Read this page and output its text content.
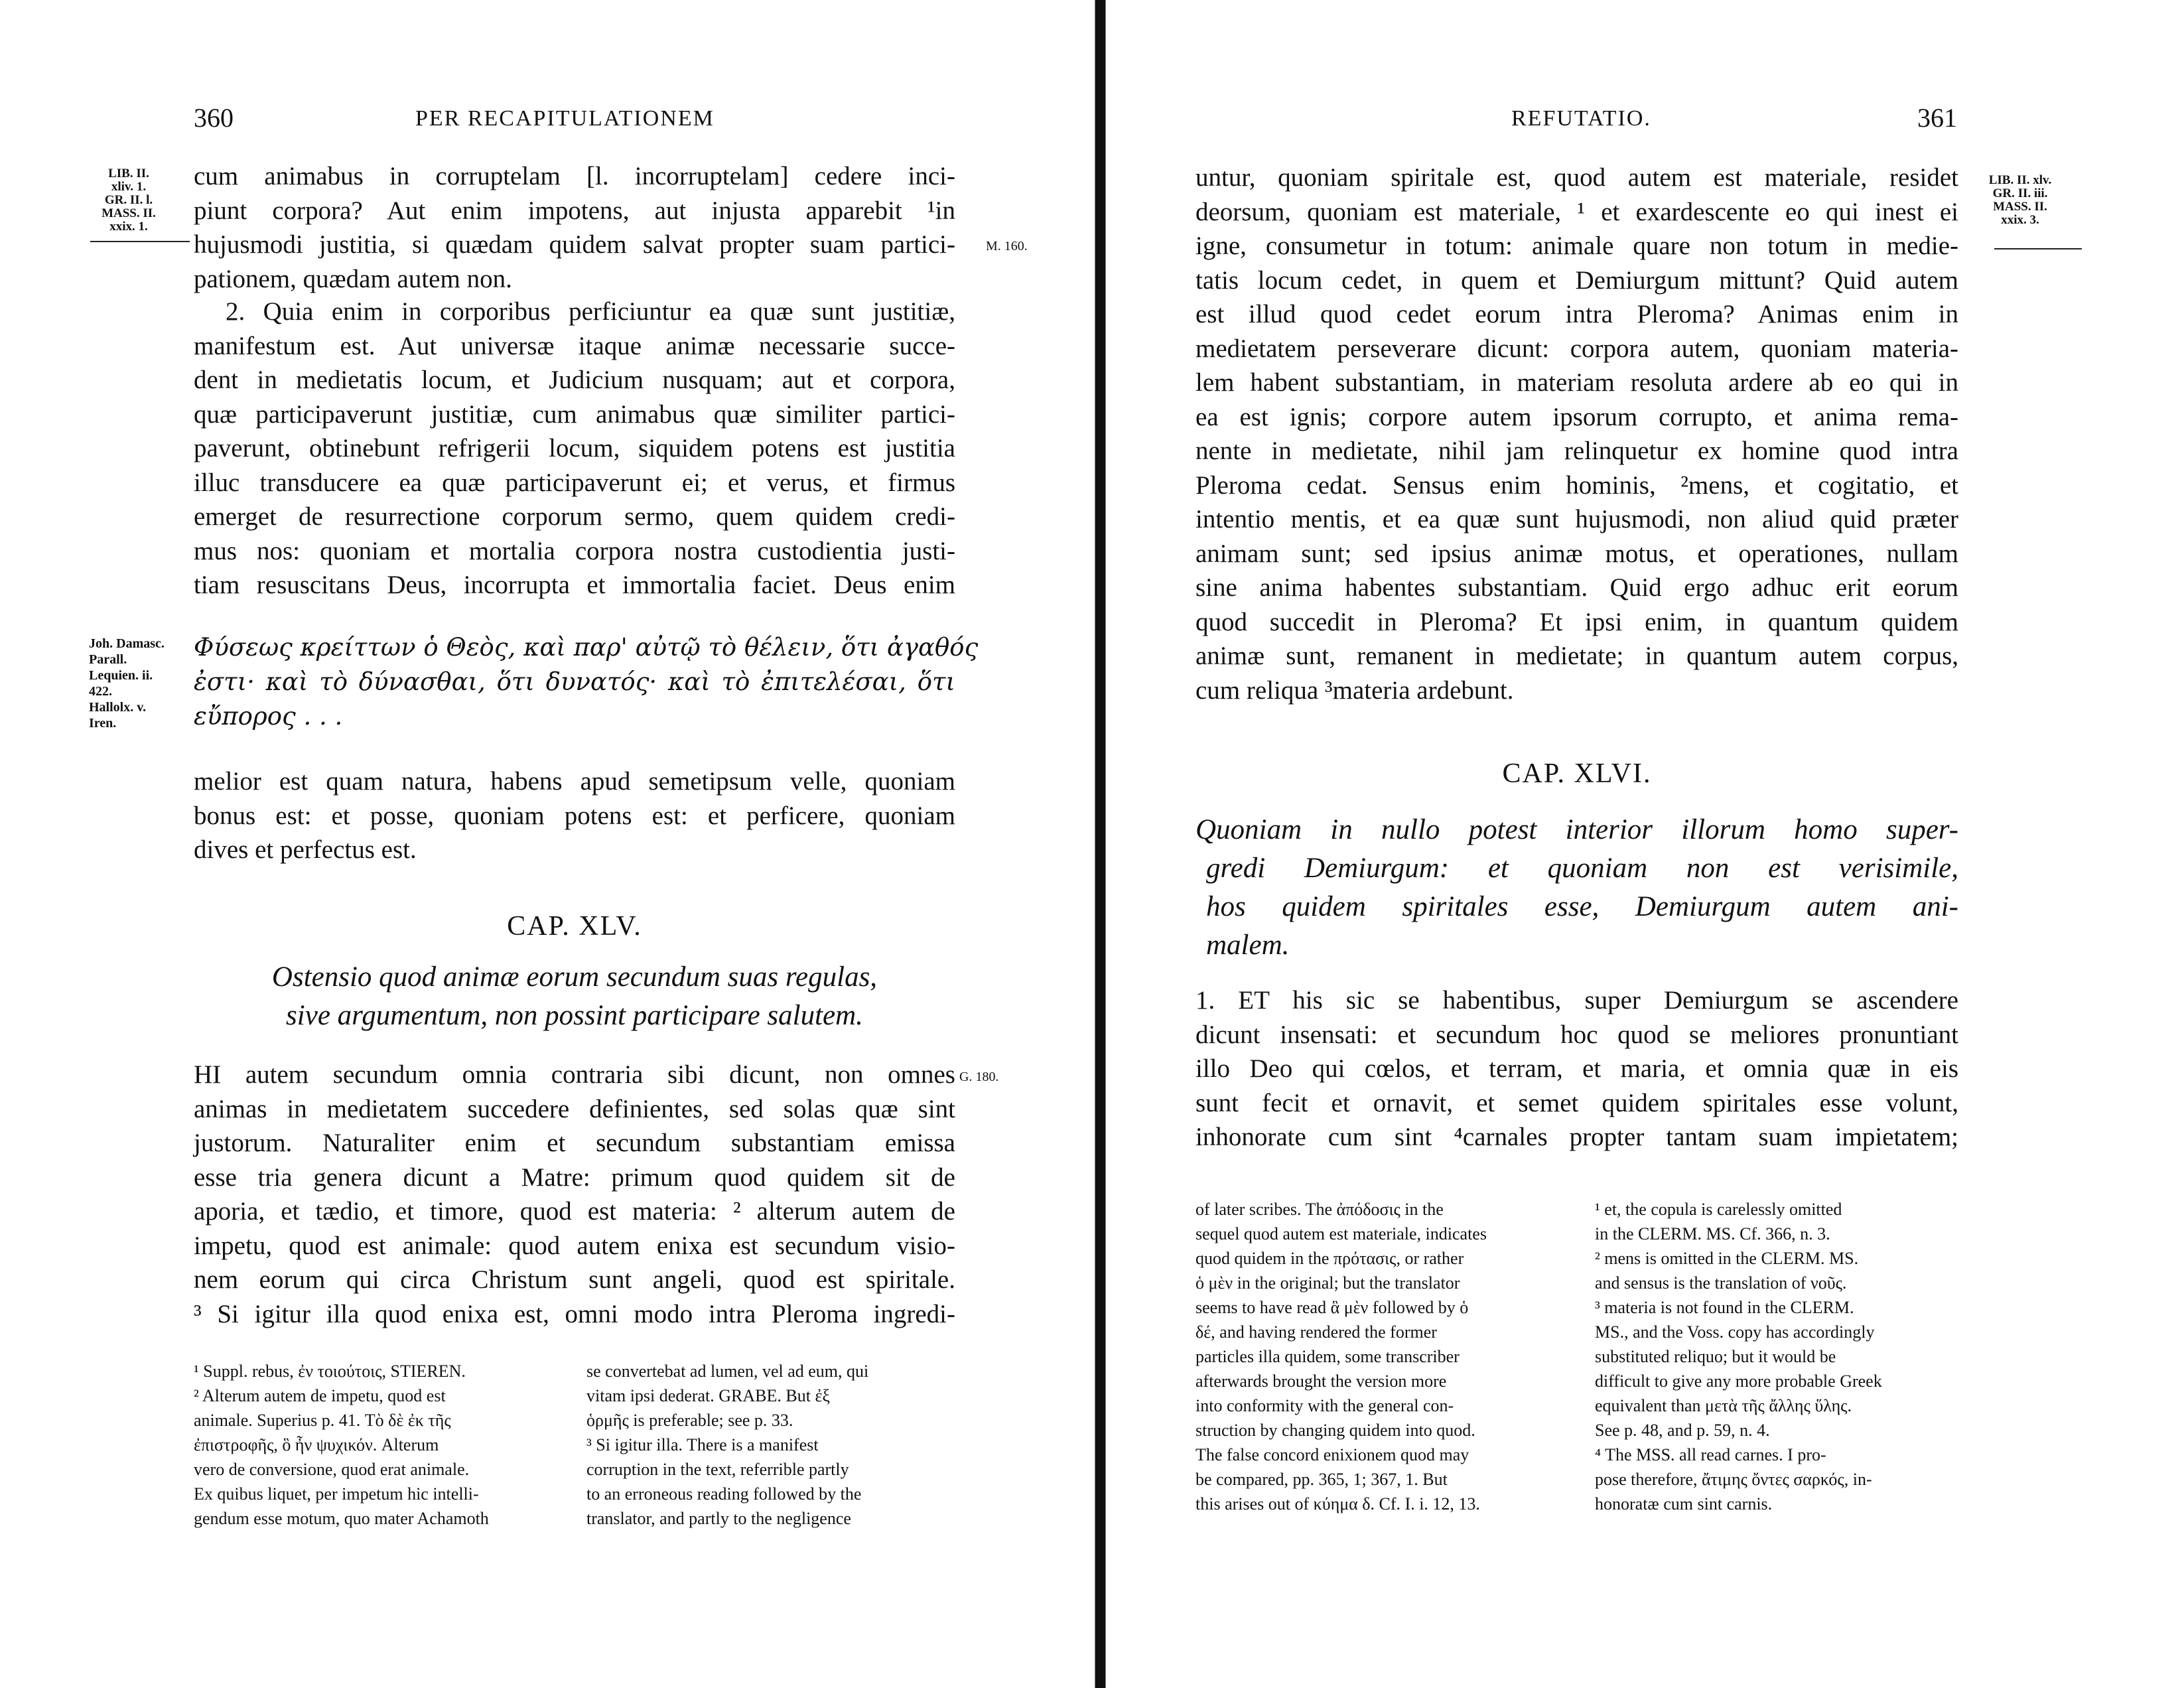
360	PER RECAPITULATIONEM
LIB. II.
xliv. 1.
GR. II. l.
MASS. II.
xxix. 1.
M. 160.
cum animabus in corruptelam [l. incorruptelam] cedere inci-
piunt corpora? Aut enim impotens, aut injusta apparebit ¹in
hujusmodi justitia, si quædam quidem salvat propter suam partici-
pationem, quædam autem non.
2. Quia enim in corporibus perficiuntur ea quæ sunt justitiæ,
manifestum est. Aut universæ itaque animæ necessarie succe-
dent in medietatis locum, et Judicium nusquam; aut et corpora,
quæ participaverunt justitiæ, cum animabus quæ similiter partici-
paverunt, obtinebunt refrigerii locum, siquidem potens est justitia
illuc transducere ea quæ participaverunt ei; et verus, et firmus
emerget de resurrectione corporum sermo, quem quidem credi-
mus nos: quoniam et mortalia corpora nostra custodientia justi-
tiam resuscitans Deus, incorrupta et immortalia faciet. Deus enim
Joh. Damasc.
Parall.
Lequien. ii.
422.
Hallolx. v.
Iren.
Φύσεως κρείττων ὁ Θεὸς, καὶ παρ' αὐτῷ τὸ θέλειν, ὅτι ἀγαθός
ἐστι· καὶ τὸ δύνασθαι, ὅτι δυνατός· καὶ τὸ ἐπιτελέσαι, ὅτι
εὔπορος . . .
melior est quam natura, habens apud semetipsum velle, quoniam
bonus est: et posse, quoniam potens est: et perficere, quoniam
dives et perfectus est.
CAP. XLV.
Ostensio quod animæ eorum secundum suas regulas,
sive argumentum, non possint participare salutem.
G. 180.
HI autem secundum omnia contraria sibi dicunt, non omnes
animas in medietatem succedere definientes, sed solas quæ sint
justorum. Naturaliter enim et secundum substantiam emissa
esse tria genera dicunt a Matre: primum quod quidem sit de
aporia, et tædio, et timore, quod est materia: ² alterum autem de
impetu, quod est animale: quod autem enixa est secundum visio-
nem eorum qui circa Christum sunt angeli, quod est spiritale.
³ Si igitur illa quod enixa est, omni modo intra Pleroma ingredi-
¹ Suppl. rebus, ἐν τοιούτοις, STIEREN.
² Alterum autem de impetu, quod est
animale. Superius p. 41. Τὸ δὲ ἐκ τῆς
ἐπιστροφῆς, ὃ ἦν ψυχικόν. Alterum
vero de conversione, quod erat animale.
Ex quibus liquet, per impetum hic intelli-
gendum esse motum, quo mater Achamoth
se convertebat ad lumen, vel ad eum, qui
vitam ipsi dederat. GRABE. But ἐξ
ὁρμῆς is preferable; see p. 33.
³ Si igitur illa. There is a manifest
corruption in the text, referrible partly
to an erroneous reading followed by the
translator, and partly to the negligence
REFUTATIO.	361
LIB. II. xlv.
GR. II. iii.
MASS. II.
xxix. 3.
untur, quoniam spiritale est, quod autem est materiale, residet
deorsum, quoniam est materiale, ¹ et exardescente eo qui inest ei
igne, consumetur in totum: animale quare non totum in medie-
tatis locum cedet, in quem et Demiurgum mittunt? Quid autem
est illud quod cedet eorum intra Pleroma? Animas enim in
medietatem perseverare dicunt: corpora autem, quoniam materia-
lem habent substantiam, in materiam resoluta ardere ab eo qui in
ea est ignis; corpore autem ipsorum corrupto, et anima rema-
nente in medietate, nihil jam relinquetur ex homine quod intra
Pleroma cedat. Sensus enim hominis, ²mens, et cogitatio, et
intentio mentis, et ea quæ sunt hujusmodi, non aliud quid præter
animam sunt; sed ipsius animæ motus, et operationes, nullam
sine anima habentes substantiam. Quid ergo adhuc erit eorum
quod succedit in Pleroma? Et ipsi enim, in quantum quidem
animæ sunt, remanent in medietate; in quantum autem corpus,
cum reliqua ³materia ardebunt.
CAP. XLVI.
Quoniam in nullo potest interior illorum homo super-
gredi Demiurgum: et quoniam non est verisimile,
hos quidem spiritales esse, Demiurgum autem ani-
malem.
1. ET his sic se habentibus, super Demiurgum se ascendere
dicunt insensati: et secundum hoc quod se meliores pronuntiant
illo Deo qui cœlos, et terram, et maria, et omnia quæ in eis
sunt fecit et ornavit, et semet quidem spiritales esse volunt,
inhonorate cum sint ⁴carnales propter tantam suam impietatem;
of later scribes. The ἀπόδοσις in the
sequel quod autem est materiale, indicates
quod quidem in the πρότασις, or rather
ὁ μὲν in the original; but the translator
seems to have read ἃ μὲν followed by ὁ
δέ, and having rendered the former
particles illa quidem, some transcriber
afterwards brought the version more
into conformity with the general con-
struction by changing quidem into quod.
The false concord enixionem quod may
be compared, pp. 365, 1; 367, 1. But
this arises out of κύημα δ. Cf. I. i. 12, 13.
¹ et, the copula is carelessly omitted
in the CLERM. MS. Cf. 366, n. 3.
² mens is omitted in the CLERM. MS.
and sensus is the translation of νοῦς.
³ materia is not found in the CLERM.
MS., and the Voss. copy has accordingly
substituted reliquo; but it would be
difficult to give any more probable Greek
equivalent than μετὰ τῆς ἄλλης ὕλης.
See p. 48, and p. 59, n. 4.
⁴ The MSS. all read carnes. I pro-
pose therefore, ἄτιμης ὄντες σαρκός, in-
honoratæ cum sint carnis.
